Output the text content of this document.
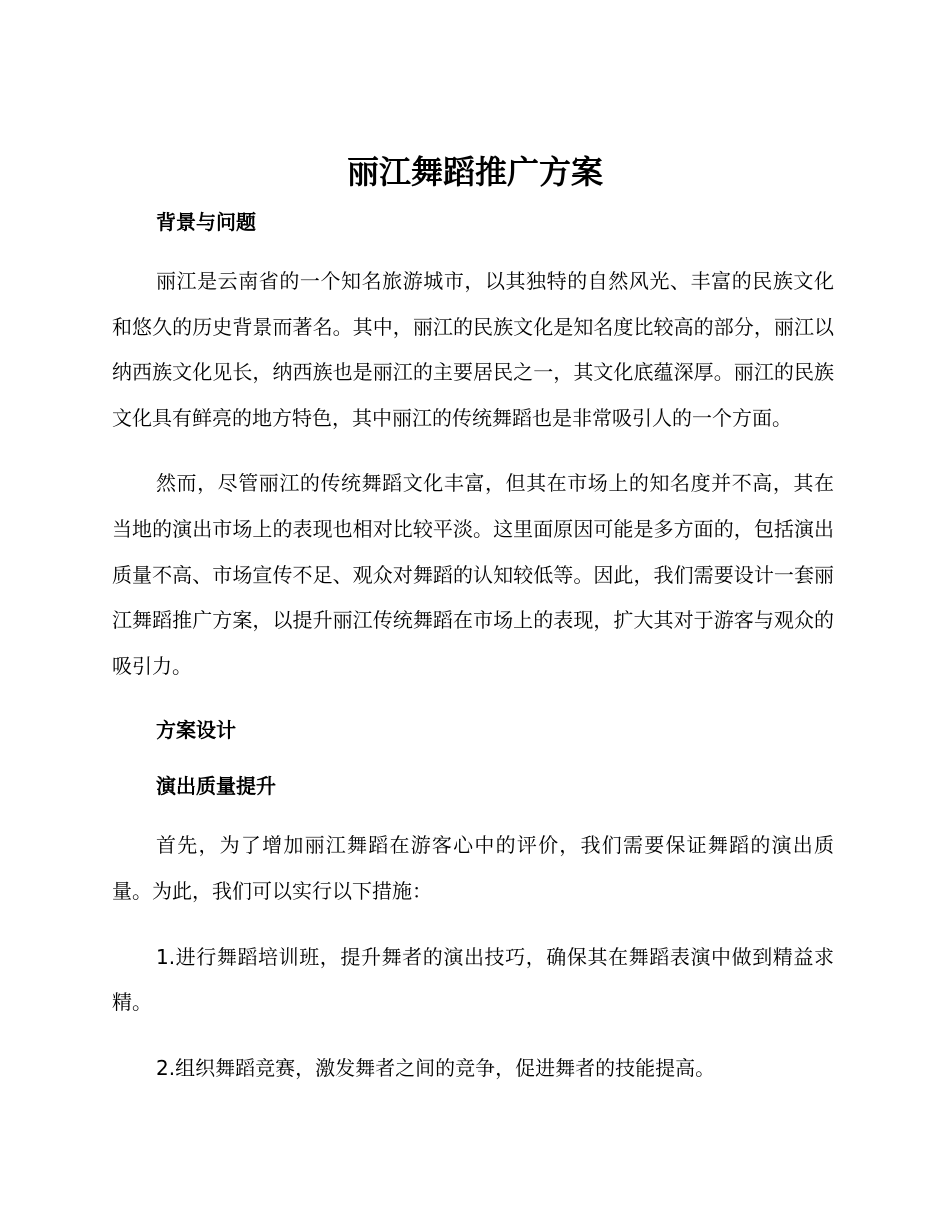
丽江舞蹈推广方案

背景与问题

丽江是云南省的一个知名旅游城市，以其独特的自然风光、丰富的民族文化和悠久的历史背景而著名。其中，丽江的民族文化是知名度比较高的部分，丽江以纳西族文化见长，纳西族也是丽江的主要居民之一，其文化底蕴深厚。丽江的民族文化具有鲜亮的地方特色，其中丽江的传统舞蹈也是非常吸引人的一个方面。

然而，尽管丽江的传统舞蹈文化丰富，但其在市场上的知名度并不高，其在当地的演出市场上的表现也相对比较平淡。这里面原因可能是多方面的，包括演出质量不高、市场宣传不足、观众对舞蹈的认知较低等。因此，我们需要设计一套丽江舞蹈推广方案，以提升丽江传统舞蹈在市场上的表现，扩大其对于游客与观众的吸引力。

方案设计

演出质量提升

首先，为了增加丽江舞蹈在游客心中的评价，我们需要保证舞蹈的演出质量。为此，我们可以实行以下措施：

1.进行舞蹈培训班，提升舞者的演出技巧，确保其在舞蹈表演中做到精益求精。

2.组织舞蹈竞赛，激发舞者之间的竞争，促进舞者的技能提高。
